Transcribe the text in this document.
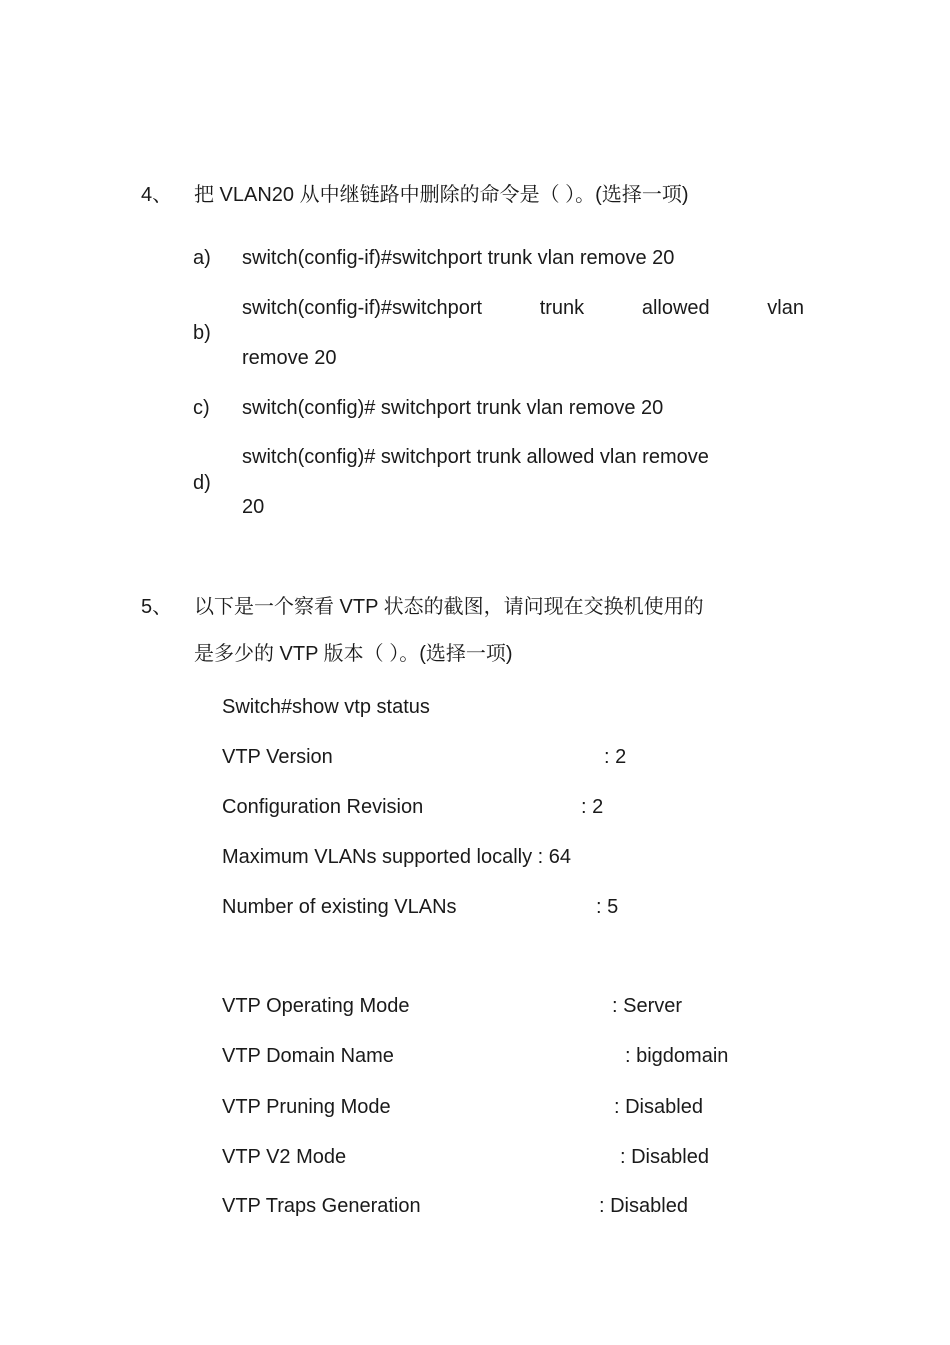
4、 把 VLAN20 从中继链路中删除的命令是（ ）。(选择一项)
a) switch(config-if)#switchport trunk vlan remove 20
b)
switch(config-if)#switchport	trunk	allowed	vlan
remove 20
c) switch(config)# switchport trunk vlan remove 20
d)
switch(config)# switchport trunk allowed vlan remove
20
5、 以下是一个察看 VTP 状态的截图，请问现在交换机使用的
是多少的 VTP 版本（ ）。(选择一项)
Switch#show vtp status
VTP Version	: 2
Configuration Revision	: 2
Maximum VLANs supported locally : 64
Number of existing VLANs	: 5
VTP Operating Mode	: Server
VTP Domain Name	: bigdomain
VTP Pruning Mode	: Disabled
VTP V2 Mode	: Disabled
VTP Traps Generation	: Disabled
